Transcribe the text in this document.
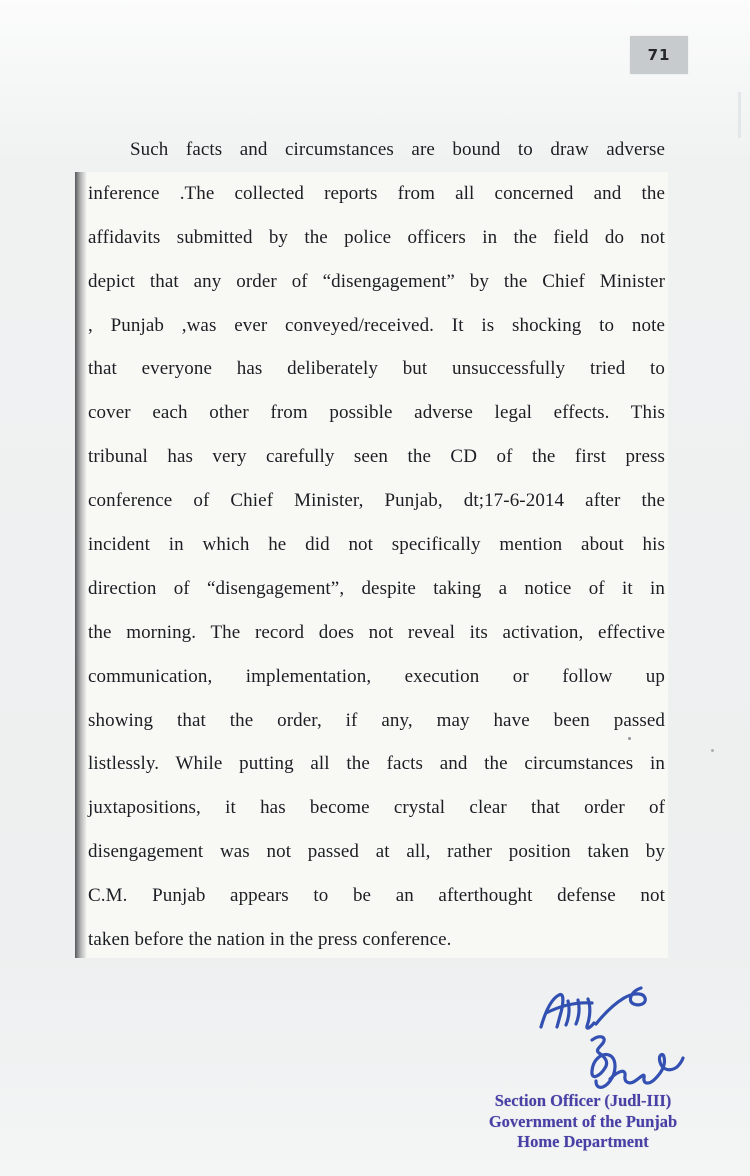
71
Such facts and circumstances are bound to draw adverse
inference .The collected reports from all concerned and the
affidavits submitted by the police officers in the field do not
depict that any order of “disengagement” by the Chief Minister
, Punjab ,was ever conveyed/received. It is shocking to note
that everyone has deliberately but unsuccessfully tried to
cover each other from possible adverse legal effects. This
tribunal has very carefully seen the CD of the first press
conference of Chief Minister, Punjab, dt;17-6-2014 after the
incident in which he did not specifically mention about his
direction of “disengagement”, despite taking a notice of it in
the morning. The record does not reveal its activation, effective
communication, implementation, execution or follow up
showing that the order, if any, may have been passed
listlessly. While putting all the facts and the circumstances in
juxtapositions, it has become crystal clear that order of
disengagement was not passed at all, rather position taken by
C.M. Punjab appears to be an afterthought defense not
taken before the nation in the press conference.
Section Officer (Judl-III)
Government of the Punjab
Home Department
